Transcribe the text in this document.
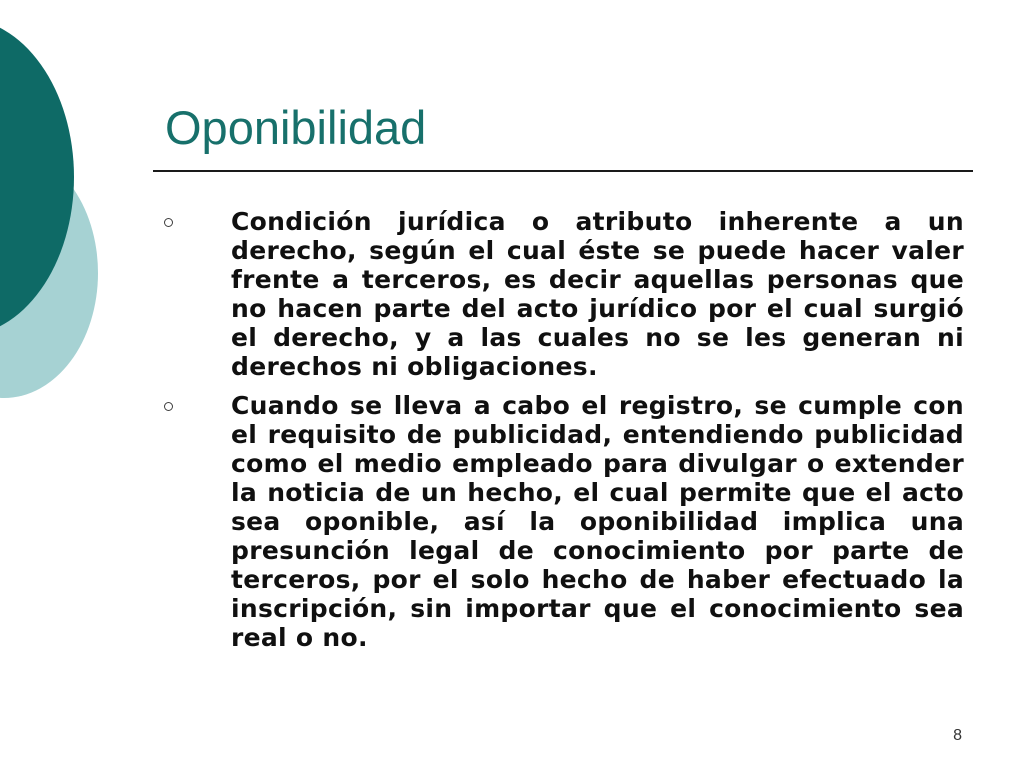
Oponibilidad
Condición jurídica o atributo inherente a un derecho, según el cual éste se puede hacer valer frente a terceros, es decir aquellas personas que no hacen parte del acto jurídico por el cual surgió el derecho, y a las cuales no se les generan ni derechos ni obligaciones.
Cuando se lleva a cabo el registro, se cumple con el requisito de publicidad, entendiendo publicidad como el medio empleado para divulgar o extender la noticia de un hecho, el cual permite que el acto sea oponible, así la oponibilidad implica una presunción legal de conocimiento por parte de terceros, por el solo hecho de haber efectuado la inscripción, sin importar que el conocimiento sea real o no.
8
